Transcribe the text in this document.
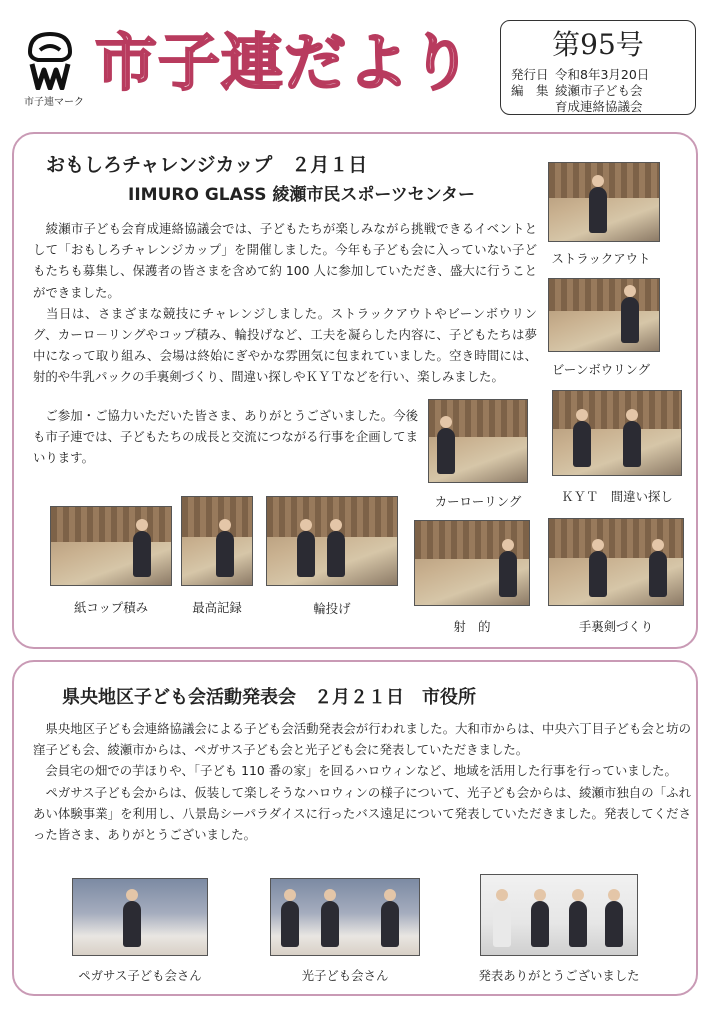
市子連マーク
市子連だより	第95号
発行日 令和8年3月20日
編　集 綾瀬市子ども会
育成連絡協議会
おもしろチャレンジカップ　２月１日
IIMURO GLASS 綾瀬市民スポーツセンター
　綾瀬市子ども会育成連絡協議会では、子どもたちが楽しみながら挑戦できるイベントとして「おもしろチャレンジカップ」を開催しました。今年も子ども会に入っていない子どもたちも募集し、保護者の皆さまを含めて約 100 人に参加していただき、盛大に行うことができました。
　当日は、さまざまな競技にチャレンジしました。ストラックアウトやビーンボウリング、カーロ－リングやコップ積み、輪投げなど、工夫を凝らした内容に、子どもたちは夢中になって取り組み、会場は終始にぎやかな雰囲気に包まれていました。空き時間には、射的や牛乳パックの手裏剣づくり、間違い探しやＫＹＴなどを行い、楽しみました。
　ご参加・ご協力いただいた皆さま、ありがとうございました。今後も市子連では、子どもたちの成長と交流につながる行事を企画してまいります。
ストラックアウト
ビーンボウリング
カーローリング	ＫＹＴ　間違い探し
紙コップ積み	最高記録	輪投げ
射　的	手裏剣づくり
県央地区子ども会活動発表会　２月２１日　市役所
　県央地区子ども会連絡協議会による子ども会活動発表会が行われました。大和市からは、中央六丁目子ども会と坊の窪子ども会、綾瀬市からは、ペガサス子ども会と光子ども会に発表していただきました。
　会員宅の畑での芋ほりや、「子ども 110 番の家」を回るハロウィンなど、地域を活用した行事を行っていました。
　ペガサス子ども会からは、仮装して楽しそうなハロウィンの様子について、光子ども会からは、綾瀬市独自の「ふれあい体験事業」を利用し、八景島シーパラダイスに行ったバス遠足について発表していただきました。発表してくださった皆さま、ありがとうございました。
ペガサス子ども会さん	光子ども会さん	発表ありがとうございました
